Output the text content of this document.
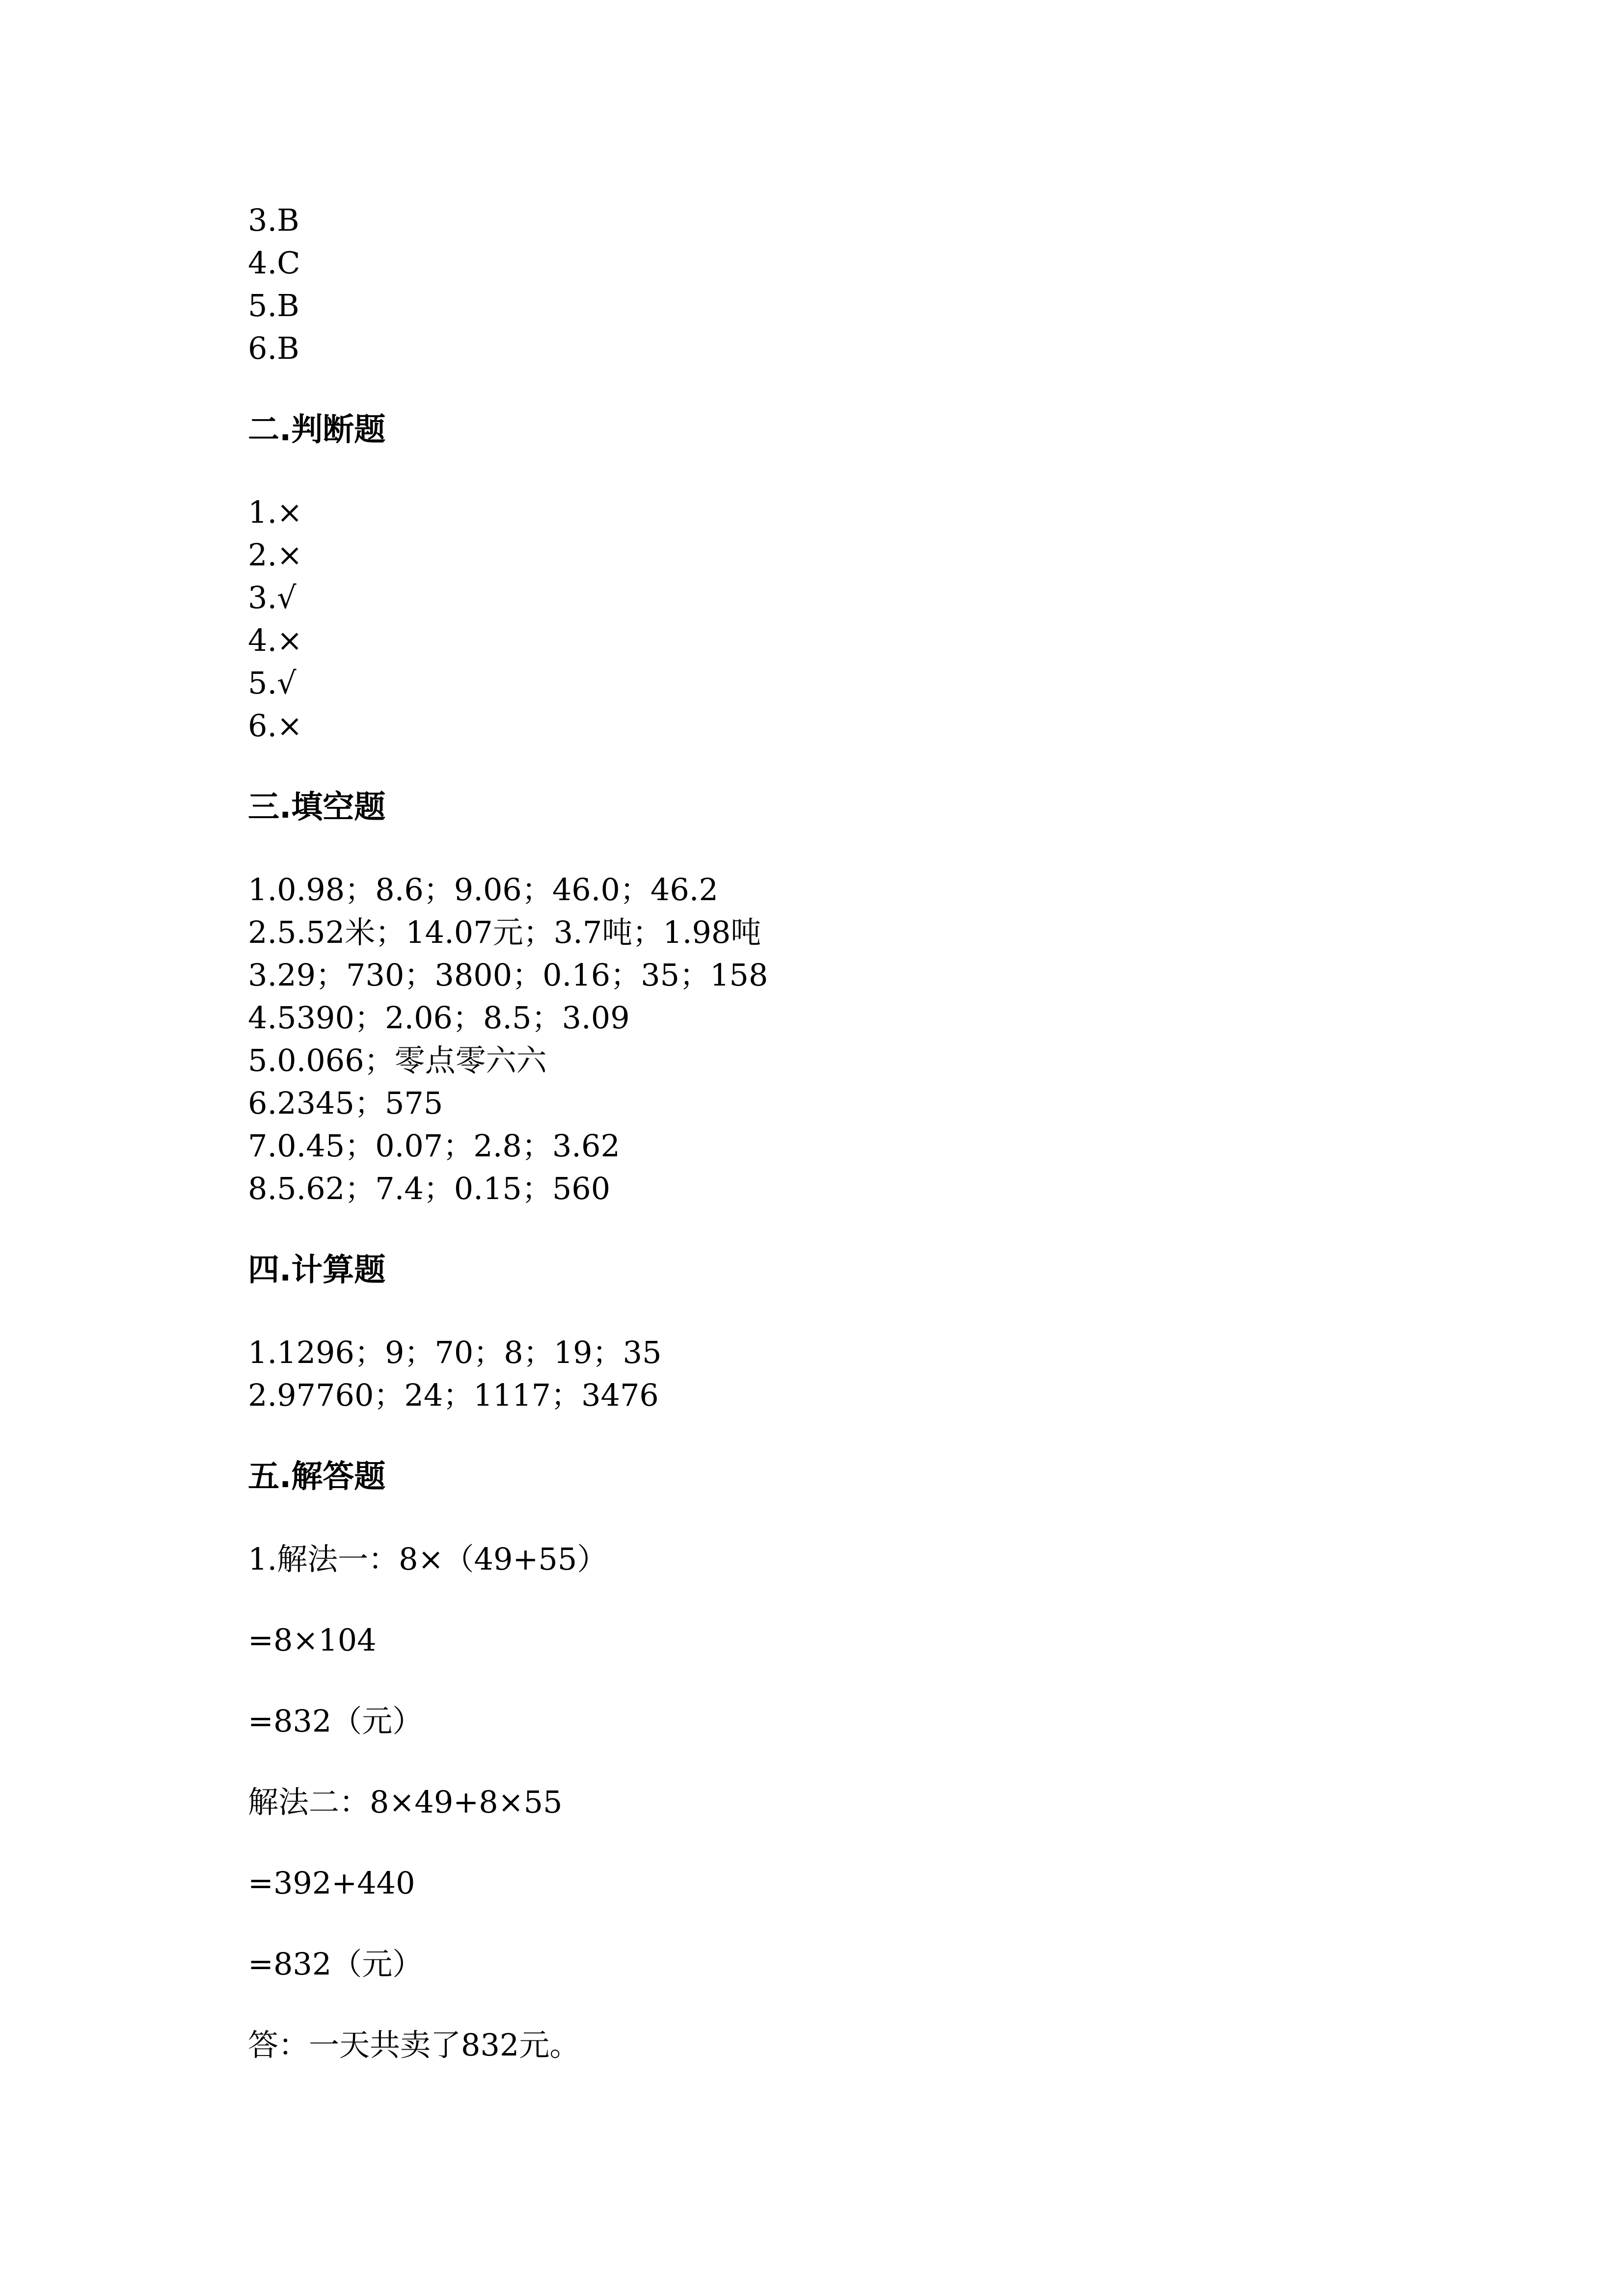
3.B

4.C

5.B

6.B

二.判断题

1.×

2.×

3.√

4.×

5.√

6.×

三.填空题

1.0.98；8.6；9.06；46.0；46.2

2.5.52米；14.07元；3.7吨；1.98吨

3.29；730；3800；0.16；35；158

4.5390；2.06；8.5；3.09

5.0.066；零点零六六

6.2345；575

7.0.45；0.07；2.8；3.62

8.5.62；7.4；0.15；560

四.计算题

1.1296；9；70；8；19；35

2.97760；24；1117；3476

五.解答题

1.解法一：8×（49+55）

=8×104

=832（元）

解法二：8×49+8×55

=392+440

=832（元）

答：一天共卖了832元。
